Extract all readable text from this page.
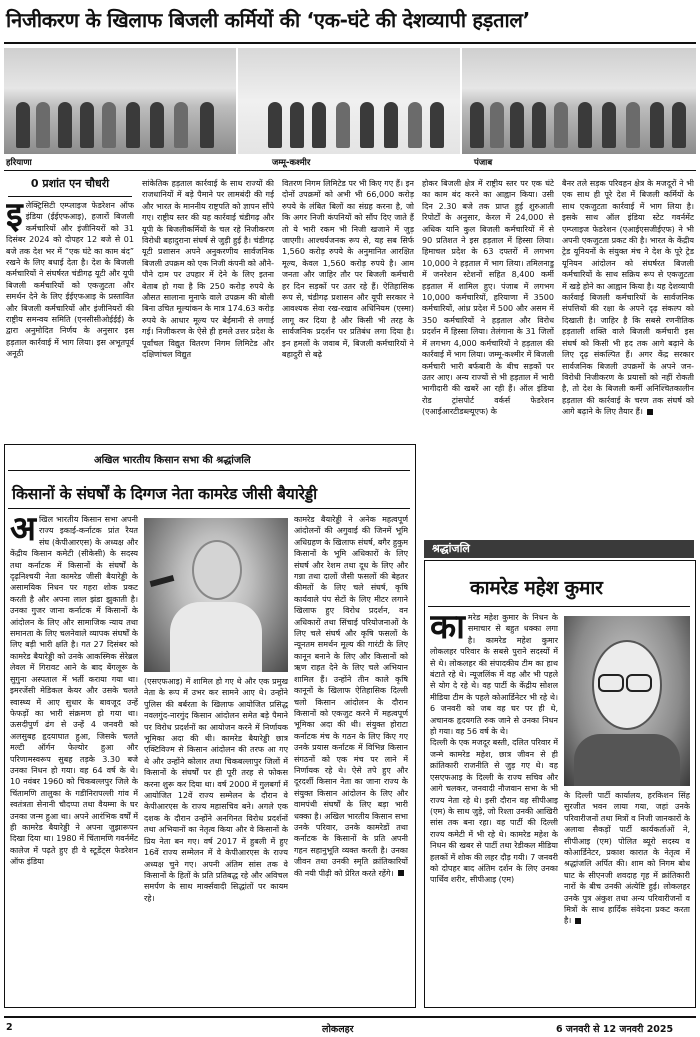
निजीकरण के खिलाफ बिजली कर्मियों की ‘एक-घंटे की देशव्यापी हड़ताल’
हरियाणा	जम्मू-कश्मीर	पंजाब
0 प्रशांत एन चौधरी
इलेक्ट्रिसिटी एम्प्लाइज फेडरेशन ऑफ इंडिया (ईईएफआइ), हजारों बिजली कर्मचारियों और इंजीनियरों को 31 दिसंबर 2024 को दोपहर 12 बजे से 01 बजे तक देश भर में “एक घंटे का काम बंद” रखने के लिए बधाई देता है। देश के बिजली कर्मचारियों ने संघर्षरत चंडीगढ़ यूटी और यूपी बिजली कर्मचारियों को एकजुटता और समर्थन देने के लिए ईईएफआइ के प्रस्तावित और बिजली कर्मचारियों और इंजीनियरों की राष्ट्रीय समन्वय समिति (एनसीसीओईईई) के द्वारा अनुमोदित निर्णय के अनुसार इस हड़ताल कार्रवाई में भाग लिया। इस अभूतपूर्व अनूठी
सांकेतिक हड़ताल कार्रवाई के साथ राज्यों की राजधानियों में बड़े पैमाने पर लामबंदी की गई और भारत के माननीय राष्ट्रपति को ज्ञापन सौंपे गए। राष्ट्रीय स्तर की यह कार्रवाई चंडीगढ़ और यूपी के बिजलीकर्मियों के चल रहे निजीकरण विरोधी बहादुराना संघर्ष से जुड़ी हुई है। चंडीगढ़ यूटी प्रशासन अपने अनुकरणीय सार्वजनिक बिजली उपक्रम को एक निजी कंपनी को औने-पौने दाम पर उपहार में देने के लिए इतना बेताब हो गया है कि 250 करोड़ रुपये के औसत सालाना मुनाफे वाले उपक्रम की बोली बिना उचित मूल्यांकन के मात्र 174.63 करोड़ रुपये के आधार मूल्य पर बेईमानी से लगाई गई। निजीकरण के ऐसे ही हमले उत्तर प्रदेश के पूर्वांचल विद्युत वितरण निगम लिमिटेड और दक्षिणांचल विद्युत
वितरण निगम लिमिटेड पर भी किए गए हैं। इन दोनों उपक्रमों को अभी भी 66,000 करोड़ रुपये के लंबित बिलों का संग्रह करना है, जो कि अगर निजी कंपनियों को सौंप दिए जाते हैं तो ये भारी रकम भी निजी खजाने में जुड़ जाएगी। आश्चर्यजनक रूप से, यह सब सिर्फ 1,560 करोड़ रुपये के अनुमानित आरक्षित मूल्य, केवल 1,560 करोड़ रुपये है। आम जनता और जाहिर तौर पर बिजली कर्मचारी हर दिन सड़कों पर उतर रहे हैं। ऐतिहासिक रूप से, चंडीगढ़ प्रशासन और यूपी सरकार ने आवश्यक सेवा रख-रखाव अधिनियम (एस्मा) लागू कर दिया है और किसी भी तरह के सार्वजनिक प्रदर्शन पर प्रतिबंध लगा दिया है। इन हमलों के जवाब में, बिजली कर्मचारियों ने बहादुरी से बढ़े
होकर बिजली क्षेत्र में राष्ट्रीय स्तर पर एक घंटे का काम बंद करने का आह्वान किया। उसी दिन 2.30 बजे तक प्राप्त हुई शुरुआती रिपोर्टों के अनुसार, केरल में 24,000 से अधिक यानि कुल बिजली कर्मचारियों में से 90 प्रतिशत ने इस हड़ताल में हिस्सा लिया। हिमाचल प्रदेश के 63 दफ्तरों में लगभग 10,000 ने हड़ताल में भाग लिया। तमिलनाडु में जनरेशन स्टेशनों सहित 8,400 कर्मी हड़ताल में शामिल हुए। पंजाब में लगभग 10,000 कर्मचारियों, हरियाणा में 3500 कर्मचारियों, आंध्र प्रदेश में 500 और असम में 350 कर्मचारियों ने हड़ताल और विरोध प्रदर्शन में हिस्सा लिया। तेलंगाना के 31 जिलों में लगभग 4,000 कर्मचारियों ने हड़ताल की कार्रवाई में भाग लिया। जम्मू-कश्मीर में बिजली कर्मचारी भारी बर्फबारी के बीच सड़कों पर उतर आए। अन्य राज्यों से भी हड़ताल में भारी भागीदारी की खबरें आ रही हैं। ऑल इंडिया रोड ट्रांसपोर्ट वर्कर्स फेडरेशन (एआईआरटीडब्ल्यूएफ) के
बैनर तले सड़क परिवहन क्षेत्र के मजदूरों ने भी एक साथ ही पूरे देश में बिजली कर्मियों के साथ एकजुटता कार्रवाई में भाग लिया है। इसके साथ ऑल इंडिया स्टेट गवर्नमेंट एम्प्लाइज फेडरेशन (एआईएसजीईएफ) ने भी अपनी एकजुटता प्रकट की है। भारत के केंद्रीय ट्रेड यूनियनों के संयुक्त मंच ने देश के पूरे ट्रेड यूनियन आंदोलन को संघर्षरत बिजली कर्मचारियों के साथ सक्रिय रूप से एकजुटता में खड़े होने का आह्वान किया है। यह देशव्यापी कार्रवाई बिजली कर्मचारियों के सार्वजनिक संपत्तियों की रक्षा के अपने दृढ़ संकल्प को दिखाती है। जाहिर है कि सबसे रणनीतिक हड़ताली शक्ति वाले बिजली कर्मचारी इस संघर्ष को किसी भी हद तक आगे बढ़ाने के लिए दृढ़ संकल्पित हैं। अगर केंद्र सरकार सार्वजनिक बिजली उपक्रमों के अपने जन-विरोधी निजीकरण के प्रयासों को नहीं रोकती है, तो देश के बिजली कर्मी अनिश्चितकालीन हड़ताल की कार्रवाई के चरण तक संघर्ष को आगे बढ़ाने के लिए तैयार हैं।
अखिल भारतीय किसान सभा की श्रद्धांजलि
किसानों के संघर्षों के दिग्गज नेता कामरेड जीसी बैयारेड्डी
अखिल भारतीय किसान सभा अपनी राज्य इकाई-कर्नाटक प्रांत रैयत संघ (केपीआरएस) के अध्यक्ष और केंद्रीय किसान कमेटी (सीकेसी) के सदस्य तथा कर्नाटक में किसानों के संघर्षों के दृढ़निश्चयी नेता कामरेड जीसी बैयारेड्डी के असामयिक निधन पर गहरा शोक प्रकट करती है और अपना लाल झंडा झुकाती है। उनका गुजर जाना कर्नाटक में किसानों के आंदोलन के लिए और सामाजिक न्याय तथा समानता के लिए चलनेवाले व्यापक संघर्षों के लिए बड़ी भारी क्षति है। गत 27 दिसंबर को कामरेड बैयारेड्डी को उनके आकस्मिक सेरेब्रल लेवल में गिरावट आने के बाद बेंगलूरू के सुगुना अस्पताल में भर्ती कराया गया था। इमरजेंसी मेडिकल केयर और उसके चलते स्वास्थ्य में आए सुधार के बावजूद उन्हें फेफड़ों का भारी संक्रमण हो गया था। ऊसदीपुर्ण ढंग से उन्हें 4 जनवरी को अलसुबह हृदयाघात हुआ, जिसके चलते मल्टी ऑर्गन फेल्योर हुआ और परिणामस्वरूप सुबह तड़के 3.30 बजे उनका निधन हो गया। वह 64 वर्ष के थे। 10 नवंबर 1960 को चिकबल्लपुर जिले के चिंतामणि तालुका के गडीनिरापल्ली गांव में स्वतंत्रता सेनानी चौदप्पा तथा वैयम्मा के घर उनका जन्म हुआ था। अपने आरंभिक वर्षों में ही कामरेड बैयारेड्डी ने अपना जुझारूपन दिखा दिया था। 1980 में चिंतामणि गवर्नमेंट कालेज में पढ़ते हुए ही वे स्टूडेंट्स फेडरेशन ऑफ इंडिया
(एसएफआइ) में शामिल हो गए थे और एक प्रमुख नेता के रूप में उभर कर सामने आए थे। उन्होंने पुलिस की बर्बरता के खिलाफ आयोजित प्रसिद्ध नवलगुंद-नारगुंद किसान आंदोलन समेत बड़े पैमाने पर विरोध प्रदर्शनों का आयोजन करने में निर्णायक भूमिका अदा की थी। कामरेड बैयारेड्डी छात्र एक्टिविज्म से किसान आंदोलन की तरफ आ गए थे और उन्होंने कोलार तथा चिकबल्लापुर जिलों में किसानों के संघर्षों पर ही पूरी तरह से फोकस करना शुरू कर दिया था। वर्ष 2000 में गुलबर्गा में आयोजित 12वें राज्य सम्मेलन के दौरान वे केपीआरएस के राज्य महासचिव बने। अगले एक दशक के दौरान उन्होंने अनगिनत विरोध प्रदर्शनों तथा अभियानों का नेतृत्व किया और वे किसानों के प्रिय नेता बन गए। वर्ष 2017 में हुबली में हुए 16वें राज्य सम्मेलन में वे केपीआरएस के राज्य अध्यक्ष चुने गए। अपनी अंतिम सांस तक वे किसानों के हितों के प्रति प्रतिबद्ध रहे और अविचल समर्पण के साथ मार्क्सवादी सिद्धांतों पर कायम रहे।
कामरेड बैयारेड्डी ने अनेक महत्वपूर्ण आंदोलनों की अगुवाई की जिनमें भूमि अधिग्रहण के खिलाफ संघर्ष, बगैर हुकुम किसानों के भूमि अधिकारों के लिए संघर्ष और रेशम तथा दूध के लिए और गन्ना तथा दालों जैसी फसलों की बेहतर कीमतों के लिए चले संघर्ष, कृषि कार्यवाले पंप सेटों के लिए मीटर लगाने खिलाफ हुए विरोध प्रदर्शन, वन अधिकारों तथा सिंचाई परियोजनाओं के लिए चले संघर्ष और कृषि फसलों के न्यूनतम समर्थन मूल्य की गारंटी के लिए कानून बनाने के लिए और किसानों को ऋण राहत देने के लिए चले अभियान शामिल हैं। उन्होंने तीन काले कृषि कानूनों के खिलाफ ऐतिहासिक दिल्ली चलो किसान आंदोलन के दौरान किसानों को एकजुट करने में महत्वपूर्ण भूमिका अदा की थी। संयुक्त होराटा कर्नाटक मंच के गठन के लिए किए गए उनके प्रयास कर्नाटक में विभिन्न किसान संगठनों को एक मंच पर लाने में निर्णायक रहे थे। ऐसे तपे हुए और दूरदर्शी किसान नेता का जाना राज्य के संयुक्त किसान आंदोलन के लिए और वामपंथी संघर्षों के लिए बड़ा भारी धक्का है। अखिल भारतीय किसान सभा उनके परिवार, उनके कामरेडों तथा कर्नाटक के किसानों के प्रति अपनी गहन सहानुभूति व्यक्त करती है। उनका जीवन तथा उनकी स्मृति क्रांतिकारियों की नयी पीढ़ी को प्रेरित करते रहेंगे।
श्रद्धांजलि
कामरेड महेश कुमार
कामरेड महेश कुमार के निधन के समाचार से बहुत धक्का लगा है। कामरेड महेश कुमार लोकलहर परिवार के सबसे पुराने सदस्यों में से थे। लोकलहर की संपादकीय टीम का हाथ बंटाते रहे थे। न्यूजलिंक में वह और भी पहले से योग दे रहे थे। वह पार्टी के केंद्रीय सोशल मीडिया टीम के पहले कोआर्डिनेटर भी रहे थे। 6 जनवरी को जब वह घर पर ही थे, अचानक हृदयगति रुक जाने से उनका निधन हो गया। वह 56 वर्ष के थे।
दिल्ली के एक मजदूर बस्ती, दलित परिवार में जन्मे कामरेड महेश, छात्र जीवन से ही क्रांतिकारी राजनीति से जुड़ गए थे। वह एसएफआइ के दिल्ली के राज्य सचिव और आगे चलकर, जनवादी नौजवान सभा के भी राज्य नेता रहे थे। इसी दौरान वह सीपीआइ (एम) के साथ जुड़े, जो रिश्ता उनकी आखिरी सांस तक बना रहा। वह पार्टी की दिल्ली राज्य कमेटी में भी रहे थे। कामरेड महेश के निधन की खबर से पार्टी तथा रेडीकल मीडिया हलकों में शोक की लहर दौड़ गयी। 7 जनवरी को दोपहर बाद अंतिम दर्शन के लिए उनका पार्थिव शरीर, सीपीआइ (एम)
के दिल्ली पार्टी कार्यालय, हरकिशन सिंह सुरजीत भवन लाया गया, जहां उनके परिवारीजनों तथा मित्रों व निजी जानकारों के अलावा सैकड़ों पार्टी कार्यकर्ताओं ने, सीपीआइ (एम) पोलित ब्यूरो सदस्य व कोआर्डिनेटर, प्रकाश कारात के नेतृत्व में श्रद्धांजलि अर्पित की। शाम को निगम बोध घाट के सीएनजी शवदाह गृह में क्रांतिकारी नारों के बीच उनकी अंत्येष्टि हुई। लोकलहर उनके पुत्र अंकुश तथा अन्य परिवारीजनों व मित्रों के साथ हार्दिक संवेदना प्रकट करता है।
2	लोकलहर	6 जनवरी से 12 जनवरी 2025
